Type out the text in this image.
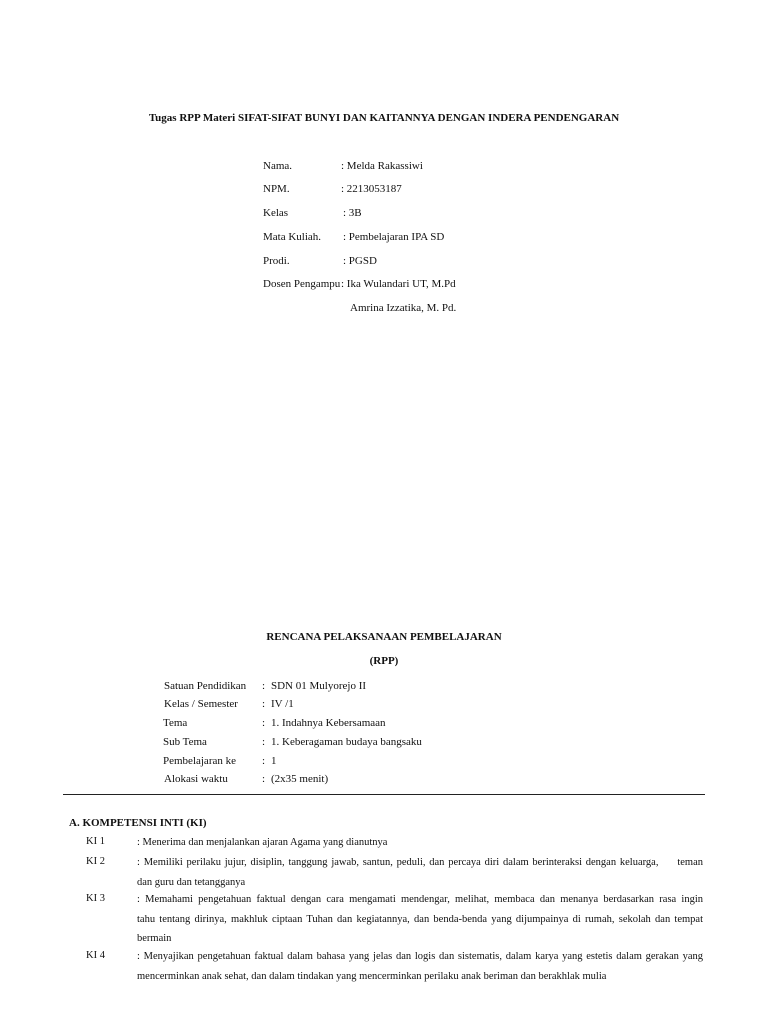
Tugas RPP Materi SIFAT-SIFAT BUNYI DAN KAITANNYA DENGAN INDERA PENDENGARAN
Nama.	: Melda Rakassiwi
NPM.	: 2213053187
Kelas	: 3B
Mata Kuliah. : Pembelajaran IPA SD
Prodi.	: PGSD
Dosen Pengampu : Ika Wulandari UT, M.Pd
Amrina Izzatika, M. Pd.
RENCANA PELAKSANAAN PEMBELAJARAN
(RPP)
Satuan Pendidikan : SDN 01 Mulyorejo II
Kelas / Semester : IV /1
Tema	: 1. Indahnya Kebersamaan
Sub Tema	: 1. Keberagaman budaya bangsaku
Pembelajaran ke : 1
Alokasi waktu	: (2x35 menit)
A. KOMPETENSI INTI (KI)
KI 1	: Menerima dan menjalankan ajaran Agama yang dianutnya
KI 2	: Memiliki perilaku jujur, disiplin, tanggung jawab, santun, peduli, dan percaya diri dalam berinteraksi dengan keluarga,     teman
dan guru dan tetangganya
KI 3	: Memahami pengetahuan faktual dengan cara mengamati mendengar, melihat, membaca dan menanya berdasarkan rasa ingin
tahu tentang dirinya, makhluk ciptaan Tuhan dan kegiatannya, dan benda-benda yang dijumpainya di rumah, sekolah dan tempat
bermain
KI 4	: Menyajikan pengetahuan faktual dalam bahasa yang jelas dan logis dan sistematis, dalam karya yang estetis dalam gerakan yang
mencerminkan anak sehat, dan dalam tindakan yang mencerminkan perilaku anak beriman dan berakhlak mulia
